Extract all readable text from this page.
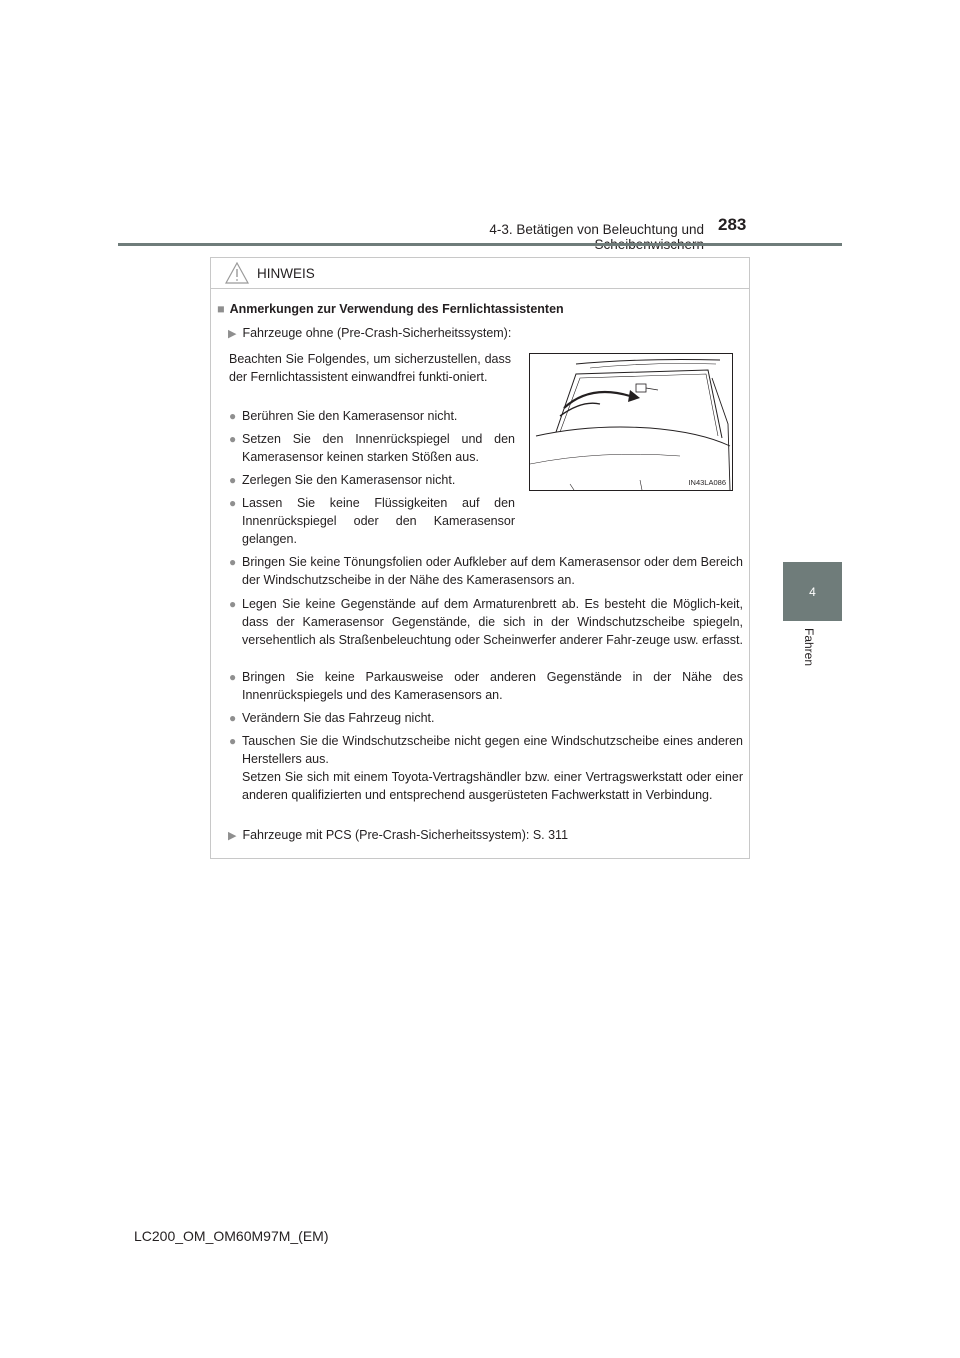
4-3. Betätigen von Beleuchtung und 283
4
Fahren
HINWEIS
■ Anmerkungen zur Verwendung des Fernlichtassistenten
▶ Fahrzeuge ohne (Pre-Crash-Sicherheitssystem):
Beachten Sie Folgendes, um sicherzustellen, dass der Fernlichtassistent einwandfrei funkti-oniert.
● Berühren Sie den Kamerasensor nicht.
● Setzen Sie den Innenrückspiegel und den Kamerasensor keinen starken Stößen aus.
● Zerlegen Sie den Kamerasensor nicht.
● Lassen Sie keine Flüssigkeiten auf den Innenrückspiegel oder den Kamerasensor gelangen.
IN43LA086
● Bringen Sie keine Tönungsfolien oder Aufkleber auf dem Kamerasensor oder dem Bereich der Windschutzscheibe in der Nähe des Kamerasensors an.
● Legen Sie keine Gegenstände auf dem Armaturenbrett ab. Es besteht die Möglich-keit, dass der Kamerasensor Gegenstände, die sich in der Windschutzscheibe spiegeln, versehentlich als Straßenbeleuchtung oder Scheinwerfer anderer Fahr-zeuge usw. erfasst.
● Bringen Sie keine Parkausweise oder anderen Gegenstände in der Nähe des Innenrückspiegels und des Kamerasensors an.
● Verändern Sie das Fahrzeug nicht.
● Tauschen Sie die Windschutzscheibe nicht gegen eine Windschutzscheibe eines anderen Herstellers aus.
Setzen Sie sich mit einem Toyota-Vertragshändler bzw. einer Vertragswerkstatt oder einer anderen qualifizierten und entsprechend ausgerüsteten Fachwerkstatt in Verbindung.
▶ Fahrzeuge mit PCS (Pre-Crash-Sicherheitssystem): S. 311
LC200_OM_OM60M97M_(EM)
